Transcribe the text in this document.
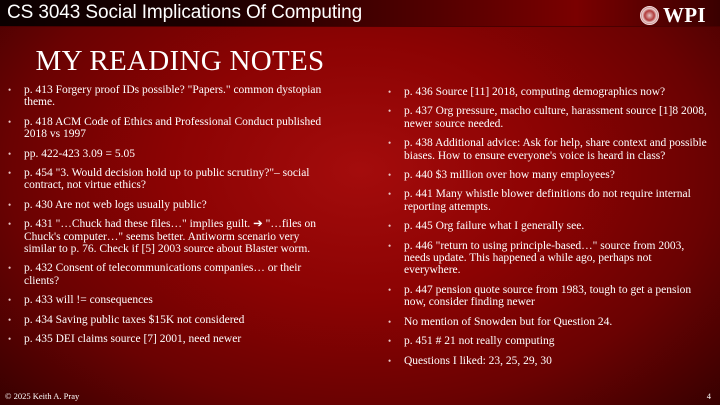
CS 3043 Social Implications Of Computing	WPI
MY READING NOTES
• p. 413 Forgery proof IDs possible? "Papers." common dystopian theme.
• p. 418 ACM Code of Ethics and Professional Conduct published 2018 vs 1997
• pp. 422-423 3.09 = 5.05
• p. 454 "3. Would decision hold up to public scrutiny?"– social contract, not virtue ethics?
• p. 430 Are not web logs usually public?
• p. 431 "…Chuck had these files…" implies guilt. ➔ "…files on Chuck's computer…" seems better. Antiworm scenario very similar to p. 76. Check if [5] 2003 source about Blaster worm.
• p. 432 Consent of telecommunications companies… or their clients?
• p. 433 will != consequences
• p. 434 Saving public taxes $15K not considered
• p. 435 DEI claims source [7] 2001, need newer
• p. 436 Source [11] 2018, computing demographics now?
• p. 437 Org pressure, macho culture, harassment source [1]8 2008, newer source needed.
• p. 438 Additional advice: Ask for help, share context and possible biases. How to ensure everyone's voice is heard in class?
• p. 440 $3 million over how many employees?
• p. 441 Many whistle blower definitions do not require internal reporting attempts.
• p. 445 Org failure what I generally see.
• p. 446 "return to using principle-based…" source from 2003, needs update. This happened a while ago, perhaps not everywhere.
• p. 447 pension quote source from 1983, tough to get a pension now, consider finding newer
• No mention of Snowden but for Question 24.
• p. 451 # 21 not really computing
• Questions I liked: 23, 25, 29, 30
© 2025 Keith A. Pray	4
